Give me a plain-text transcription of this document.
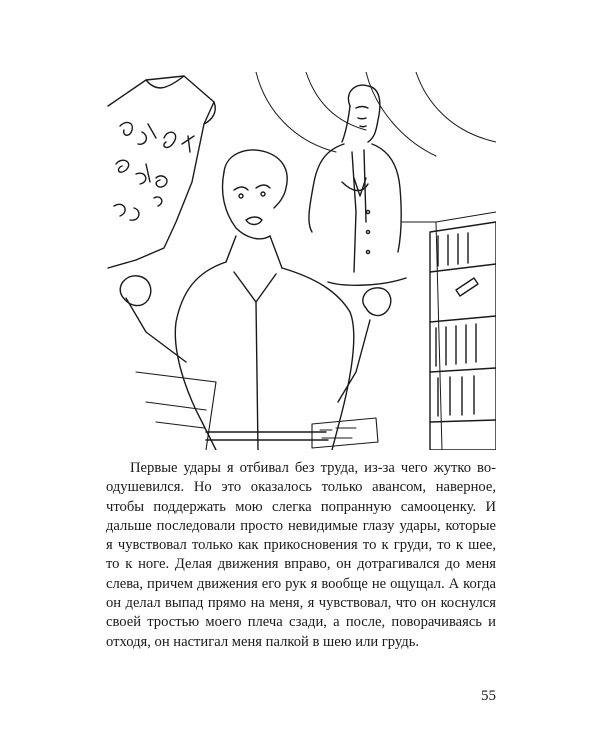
Первые удары я отбивал без труда, из-за чего жутко воодушевился. Но это оказалось только авансом, наверное, чтобы поддержать мою слегка попранную самооценку. И дальше последовали просто невидимые глазу удары, которые я чувствовал только как прикосновения то к груди, то к шее, то к ноге. Делая движения вправо, он дотрагивался до меня слева, причем движения его рук я вообще не ощущал. А когда он делал выпад прямо на меня, я чувствовал, что он коснулся своей тростью моего плеча сзади, а после, поворачиваясь и отходя, он настигал меня палкой в шею или грудь.

55
